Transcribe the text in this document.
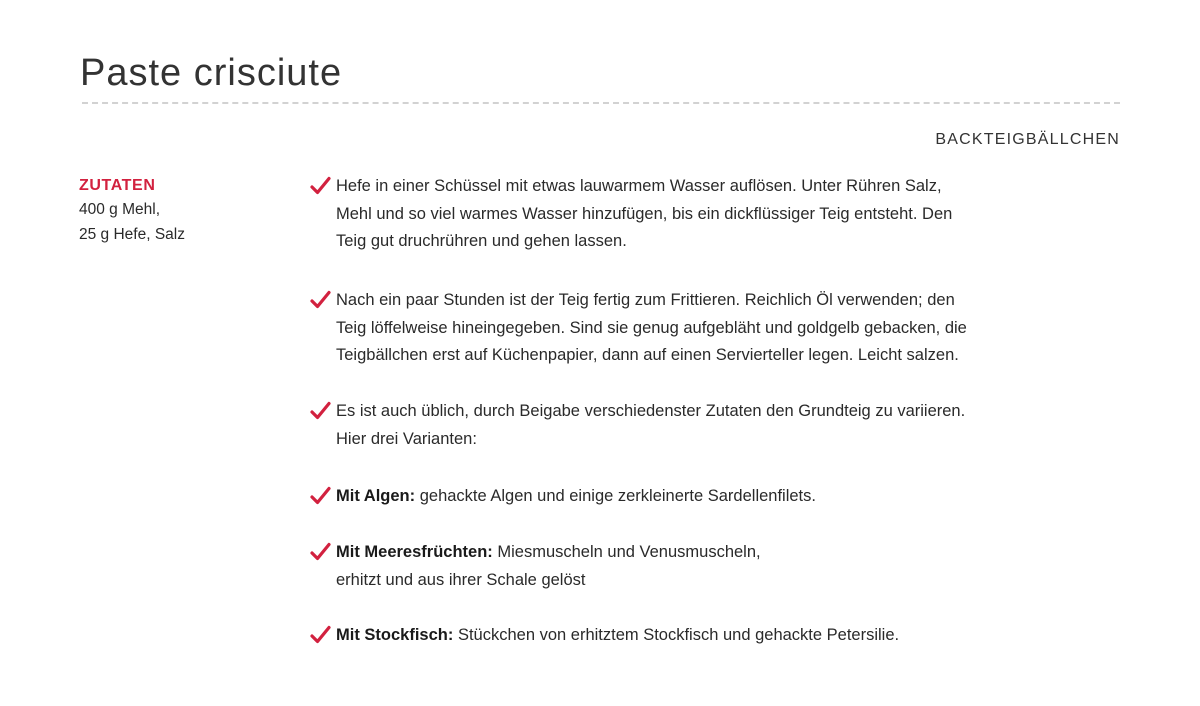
Paste crisciute
BACKTEIGBÄLLCHEN
ZUTATEN
400 g Mehl,
25 g Hefe, Salz
Hefe in einer Schüssel mit etwas lauwarmem Wasser auflösen. Unter Rühren Salz,
Mehl und so viel warmes Wasser hinzufügen, bis ein dickflüssiger Teig entsteht. Den
Teig gut druchrühren und gehen lassen.
Nach ein paar Stunden ist der Teig fertig zum Frittieren. Reichlich Öl verwenden; den
Teig löffelweise hineingegeben. Sind sie genug aufgebläht und goldgelb gebacken, die
Teigbällchen erst auf Küchenpapier, dann auf einen Servierteller legen. Leicht salzen.
Es ist auch üblich, durch Beigabe verschiedenster Zutaten den Grundteig zu variieren.
Hier drei Varianten:
Mit Algen: gehackte Algen und einige zerkleinerte Sardellenfilets.
Mit Meeresfrüchten: Miesmuscheln und Venusmuscheln,
erhitzt und aus ihrer Schale gelöst
Mit Stockfisch: Stückchen von erhitztem Stockfisch und gehackte Petersilie.
